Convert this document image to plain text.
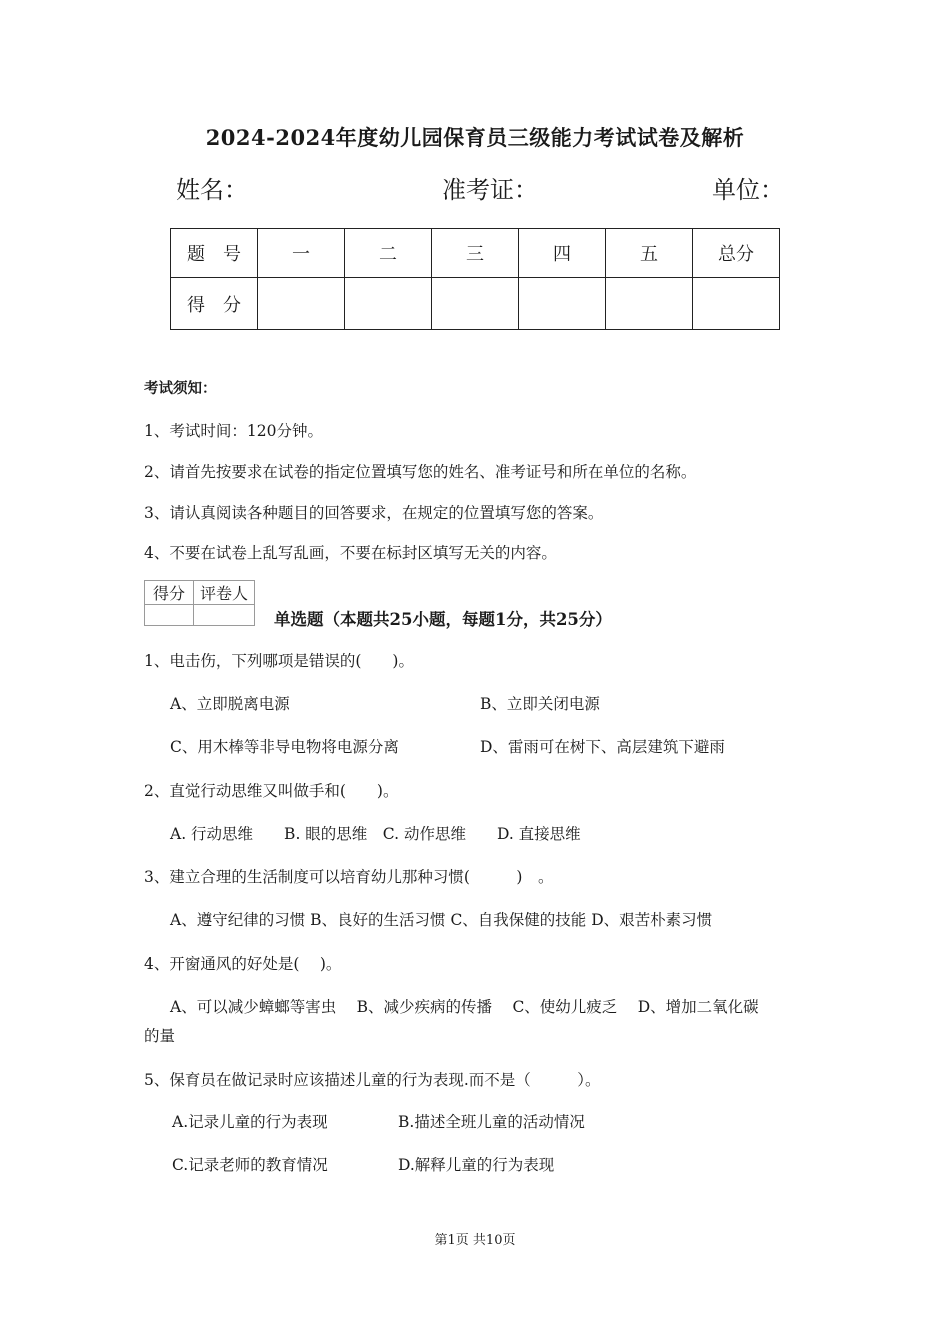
2024-2024年度幼儿园保育员三级能力考试试卷及解析
姓名：	准考证：	单位：
题　号	一	二	三	四	五	总分
得　分						
考试须知：
1、考试时间：120分钟。
2、请首先按要求在试卷的指定位置填写您的姓名、准考证号和所在单位的名称。
3、请认真阅读各种题目的回答要求，在规定的位置填写您的答案。
4、不要在试卷上乱写乱画，不要在标封区填写无关的内容。
得分	评卷人

单选题（本题共25小题，每题1分，共25分）
1、电击伤，下列哪项是错误的(　　)。
A、立即脱离电源	B、立即关闭电源
C、用木棒等非导电物将电源分离	D、雷雨可在树下、高层建筑下避雨
2、直觉行动思维又叫做手和(　　)。
A. 行动思维　　B. 眼的思维　C. 动作思维　　D. 直接思维
3、建立合理的生活制度可以培育幼儿那种习惯(　　　)　。
A、遵守纪律的习惯 B、良好的生活习惯 C、自我保健的技能 D、艰苦朴素习惯
4、开窗通风的好处是(　 )。
A、可以减少蟑螂等害虫　 B、减少疾病的传播　 C、使幼儿疲乏　 D、增加二氧化碳
的量
5、保育员在做记录时应该描述儿童的行为表现.而不是（　　　）。
A.记录儿童的行为表现	B.描述全班儿童的活动情况
C.记录老师的教育情况	D.解释儿童的行为表现
第1页 共10页
